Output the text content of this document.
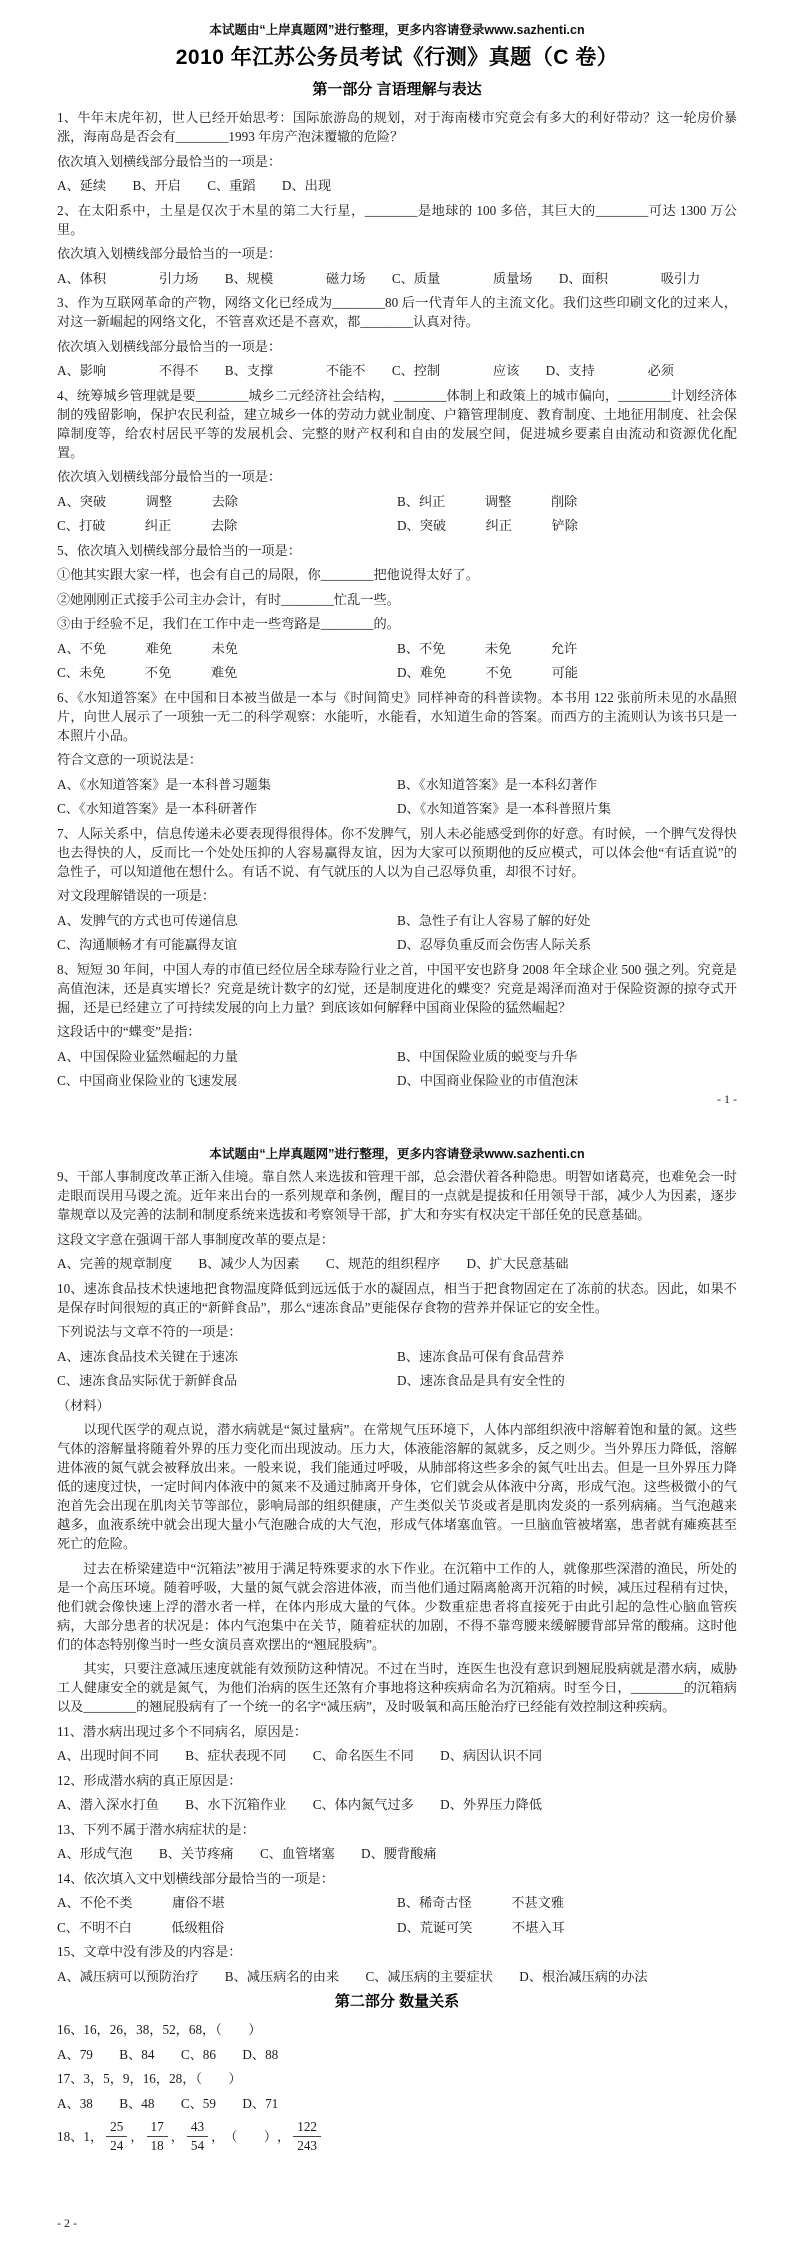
本试题由“上岸真题网”进行整理，更多内容请登录www.sazhenti.cn
2010 年江苏公务员考试《行测》真题（C 卷）
第一部分 言语理解与表达

1、牛年末虎年初，世人已经开始思考：国际旅游岛的规划，对于海南楼市究竟会有多大的利好带动？这一轮房价暴涨，海南岛是否会有________1993 年房产泡沫覆辙的危险？

依次填入划横线部分最恰当的一项是：

A、延续　　B、开启　　C、重蹈　　D、出现

2、在太阳系中，土星是仅次于木星的第二大行星，________是地球的 100 多倍，其巨大的________可达 1300 万公里。

依次填入划横线部分最恰当的一项是：

A、体积　　　　引力场　　B、规模　　　　磁力场　　C、质量　　　　质量场　　D、面积　　　　吸引力

3、作为互联网革命的产物，网络文化已经成为________80 后一代青年人的主流文化。我们这些印刷文化的过来人，对这一新崛起的网络文化，不管喜欢还是不喜欢，都________认真对待。

依次填入划横线部分最恰当的一项是：

A、影响　　　　不得不　　B、支撑　　　　不能不　　C、控制　　　　应该　　D、支持　　　　必须

4、统筹城乡管理就是要________城乡二元经济社会结构，________体制上和政策上的城市偏向，________计划经济体制的残留影响，保护农民利益，建立城乡一体的劳动力就业制度、户籍管理制度、教育制度、土地征用制度、社会保障制度等，给农村居民平等的发展机会、完整的财产权利和自由的发展空间，促进城乡要素自由流动和资源优化配置。

依次填入划横线部分最恰当的一项是：

A、突破　　　调整　　　去除	B、纠正　　　调整　　　削除
C、打破　　　纠正　　　去除	D、突破　　　纠正　　　铲除

5、依次填入划横线部分最恰当的一项是：

①他其实跟大家一样，也会有自己的局限，你________把他说得太好了。

②她刚刚正式接手公司主办会计，有时________忙乱一些。

③由于经验不足，我们在工作中走一些弯路是________的。

A、不免　　　难免　　　未免	B、不免　　　未免　　　允许
C、未免　　　不免　　　难免	D、难免　　　不免　　　可能

6、《水知道答案》在中国和日本被当做是一本与《时间简史》同样神奇的科普读物。本书用 122 张前所未见的水晶照片，向世人展示了一项独一无二的科学观察：水能听，水能看，水知道生命的答案。而西方的主流则认为该书只是一本照片小品。

符合文意的一项说法是：

A、《水知道答案》是一本科普习题集	B、《水知道答案》是一本科幻著作
C、《水知道答案》是一本科研著作	D、《水知道答案》是一本科普照片集

7、人际关系中，信息传递未必要表现得很得体。你不发脾气，别人未必能感受到你的好意。有时候，一个脾气发得快也去得快的人，反而比一个处处压抑的人容易赢得友谊，因为大家可以预期他的反应模式，可以体会他“有话直说”的急性子，可以知道他在想什么。有话不说、有气就压的人以为自己忍辱负重，却很不讨好。

对文段理解错误的一项是：

A、发脾气的方式也可传递信息	B、急性子有让人容易了解的好处
C、沟通顺畅才有可能赢得友谊	D、忍辱负重反而会伤害人际关系

8、短短 30 年间，中国人寿的市值已经位居全球寿险行业之首，中国平安也跻身 2008 年全球企业 500 强之列。究竟是高值泡沫，还是真实增长？究竟是统计数字的幻觉，还是制度进化的蝶变？究竟是竭泽而渔对于保险资源的掠夺式开掘，还是已经建立了可持续发展的向上力量？到底该如何解释中国商业保险的猛然崛起？

这段话中的“蝶变”是指：

A、中国保险业猛然崛起的力量	B、中国保险业质的蜕变与升华
C、中国商业保险业的飞速发展	D、中国商业保险业的市值泡沫
- 1 -
本试题由“上岸真题网”进行整理，更多内容请登录www.sazhenti.cn

9、干部人事制度改革正渐入佳境。靠自然人来选拔和管理干部，总会潜伏着各种隐患。明智如诸葛亮，也难免会一时走眼而误用马谡之流。近年来出台的一系列规章和条例，醒目的一点就是提拔和任用领导干部，减少人为因素，逐步靠规章以及完善的法制和制度系统来选拔和考察领导干部，扩大和夯实有权决定干部任免的民意基础。

这段文字意在强调干部人事制度改革的要点是：

A、完善的规章制度　　B、减少人为因素　　C、规范的组织程序　　D、扩大民意基础

10、速冻食品技术快速地把食物温度降低到远远低于水的凝固点，相当于把食物固定在了冻前的状态。因此，如果不是保存时间很短的真正的“新鲜食品”，那么“速冻食品”更能保存食物的营养并保证它的安全性。

下列说法与文章不符的一项是：

A、速冻食品技术关键在于速冻	B、速冻食品可保有食品营养
C、速冻食品实际优于新鲜食品	D、速冻食品是具有安全性的

（材料）

以现代医学的观点说，潜水病就是“氮过量病”。在常规气压环境下，人体内部组织液中溶解着饱和量的氮。这些气体的溶解量将随着外界的压力变化而出现波动。压力大，体液能溶解的氮就多，反之则少。当外界压力降低，溶解进体液的氮气就会被释放出来。一般来说，我们能通过呼吸，从肺部将这些多余的氮气吐出去。但是一旦外界压力降低的速度过快，一定时间内体液中的氮来不及通过肺离开身体，它们就会从体液中分离，形成气泡。这些极微小的气泡首先会出现在肌肉关节等部位，影响局部的组织健康，产生类似关节炎或者是肌肉发炎的一系列病痛。当气泡越来越多，血液系统中就会出现大量小气泡融合成的大气泡，形成气体堵塞血管。一旦脑血管被堵塞，患者就有瘫痪甚至死亡的危险。

过去在桥梁建造中“沉箱法”被用于满足特殊要求的水下作业。在沉箱中工作的人，就像那些深潜的渔民，所处的是一个高压环境。随着呼吸，大量的氮气就会溶进体液，而当他们通过隔离舱离开沉箱的时候，减压过程稍有过快，他们就会像快速上浮的潜水者一样，在体内形成大量的气体。少数重症患者将直接死于由此引起的急性心脑血管疾病，大部分患者的状况是：体内气泡集中在关节，随着症状的加剧，不得不靠弯腰来缓解腰背部异常的酸痛。这时他们的体态特别像当时一些女演员喜欢摆出的“翘屁股病”。

其实，只要注意减压速度就能有效预防这种情况。不过在当时，连医生也没有意识到翘屁股病就是潜水病，威胁工人健康安全的就是氮气，为他们治病的医生还煞有介事地将这种疾病命名为沉箱病。时至今日，________的沉箱病以及________的翘屁股病有了一个统一的名字“减压病”，及时吸氧和高压舱治疗已经能有效控制这种疾病。

11、潜水病出现过多个不同病名，原因是：

A、出现时间不同　　B、症状表现不同　　C、命名医生不同　　D、病因认识不同

12、形成潜水病的真正原因是：

A、潜入深水打鱼　　B、水下沉箱作业　　C、体内氮气过多　　D、外界压力降低

13、下列不属于潜水病症状的是：

A、形成气泡　　B、关节疼痛　　C、血管堵塞　　D、腰背酸痛

14、依次填入文中划横线部分最恰当的一项是：

A、不伦不类　　　庸俗不堪	B、稀奇古怪　　　不甚文雅
C、不明不白　　　低级粗俗	D、荒诞可笑　　　不堪入耳

15、文章中没有涉及的内容是：

A、减压病可以预防治疗　　B、减压病名的由来　　C、减压病的主要症状　　D、根治减压病的办法

第二部分 数量关系

16、16，26，38，52，68，（　　）

A、79　　B、84　　C、86　　D、88

17、3，5，9，16，28，（　　）

A、38　　B、48　　C、59　　D、71

18、1， $\frac{25}{24}$ ， $\frac{17}{18}$ ， $\frac{43}{54}$ ， （　　） ， $\frac{122}{243}$
- 2 -
